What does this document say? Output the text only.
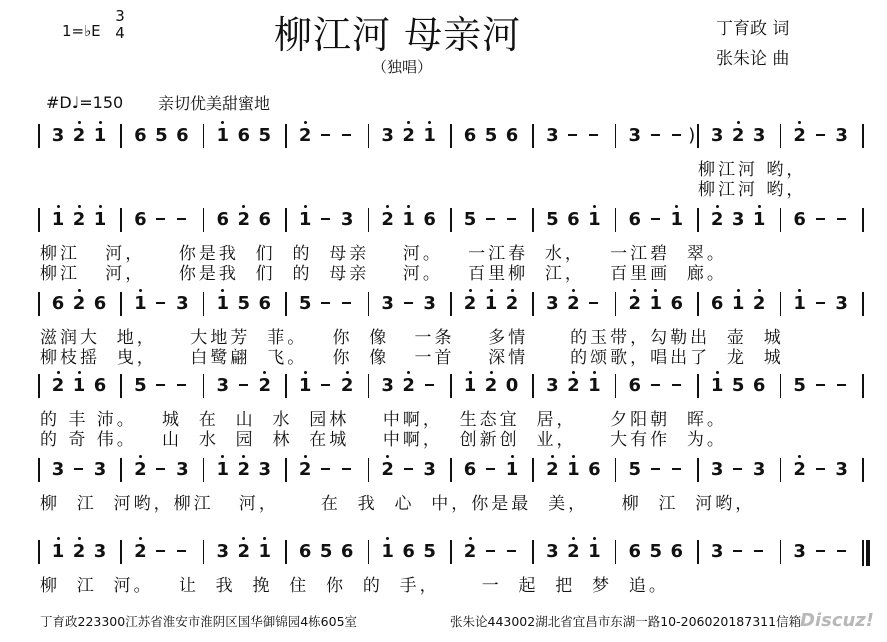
1=♭E
3
4	柳江河 母亲河
（独唱）
丁育政 词
张朱论 曲
#D♩=150 亲切优美甜蜜地
3 2 1 6 5 6 1 6 5 2	3 2 1 6 5 6 3	3	) 3 2 3 2 3
1 2 1 6	6 2 6 1 3 2 1 6 5	5 6 1 6 1 2 3 1 6
6 2 6 1 3 1 5 6 5	3 3 2 1 2 3 2	2 1 6 6 1 2 1 3
2 1 6 5	3 2 1 2 3 2	1 2 0 3 2 1 6	1 5 6 5
3 3 2 3 1 2 3 2	2 3 6 1 2 1 6 5	3 3 2 3
1 2 3 2	3 2 1 6 5 6 1 6 5 2	3 2 1 6 5 6 3	3
柳江河 哟，
柳江河 哟，
柳江   河，    你是我  们  的  母亲    河。   一江春  水，   一江碧  翠。
柳江   河，    你是我  们  的  母亲    河。   百里柳  江，   百里画  廊。
滋润大  地，    大地芳  菲。   你  像   一条    多情     的玉带，勾勒出  壶  城
柳枝摇  曳，    白鹭翩  飞。   你  像   一首    深情     的颂歌，唱出了  龙  城
的 丰 沛。   城  在  山  水  园林    中啊，  生态宜  居，    夕阳朝  晖。
的 奇 伟。   山  水  园  林  在城    中啊，  创新创  业，    大有作  为。
柳  江  河哟，柳江   河，     在  我  心  中，你是最  美，    柳  江  河哟，
柳  江  河。   让  我  挽  住  你  的  手，     一  起  把  梦  追。
丁育政223300江苏省淮安市淮阴区国华御锦园4栋605室	张朱论443002湖北省宜昌市东湖一路10-206020187311信箱
Discuz!
